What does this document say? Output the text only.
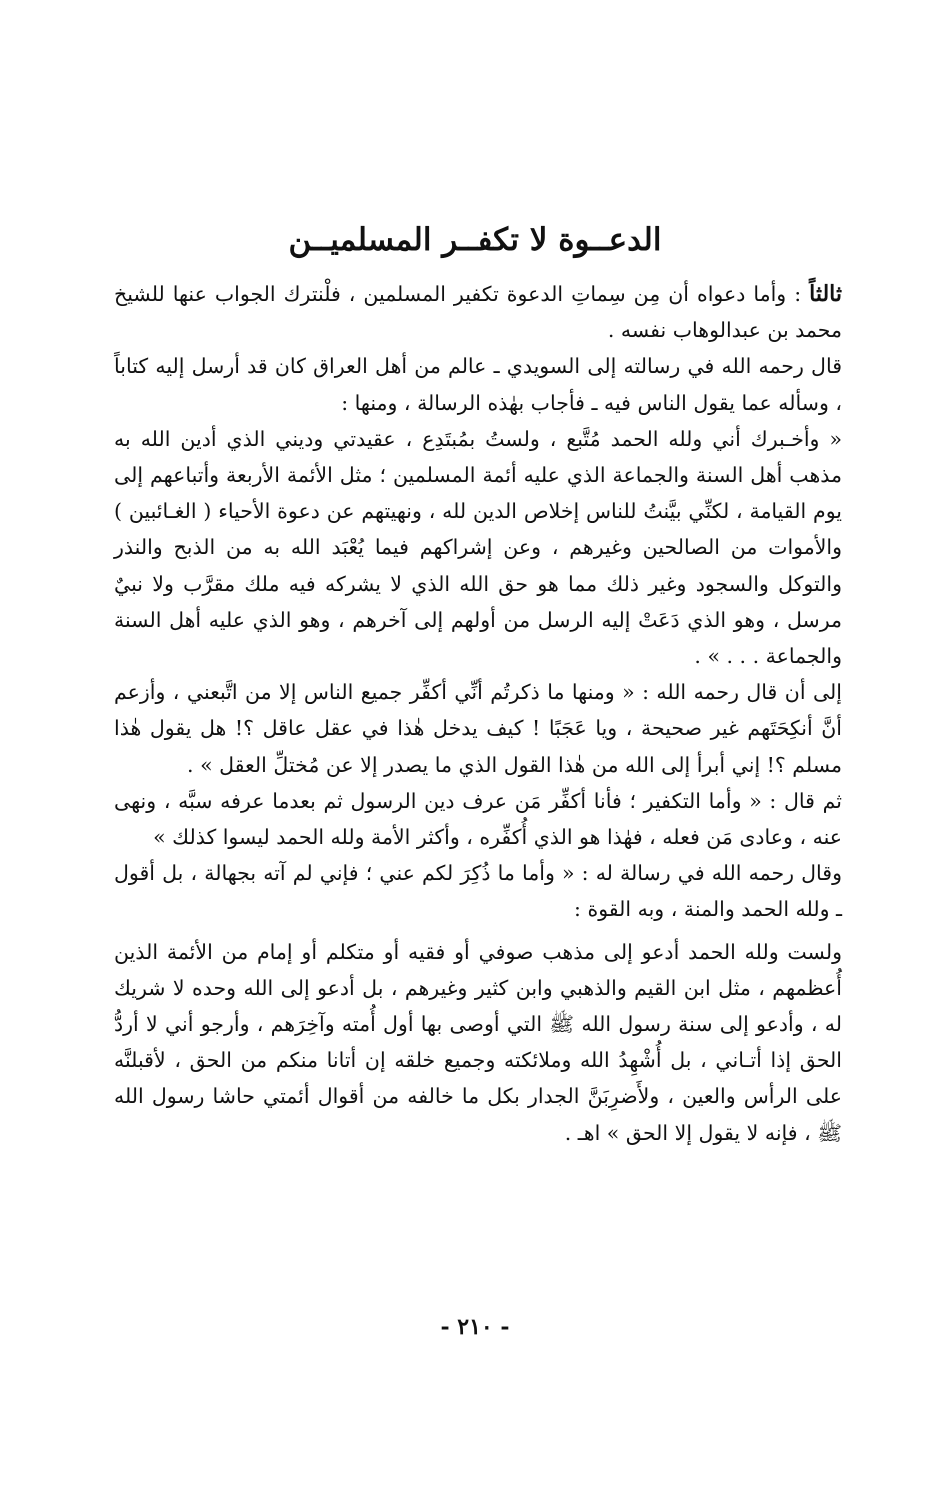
الدعــوة لا تكفــر المسلميــن

ثالثاً : وأما دعواه أن مِن سِماتِ الدعوة تكفير المسلمين ، فلْنترك الجواب عنها للشيخ محمد بن عبدالوهاب نفسه .

قال رحمه الله في رسالته إلى السويدي ـ عالم من أهل العراق كان قد أرسل إليه كتاباً ، وسأله عما يقول الناس فيه ـ فأجاب بهٰذه الرسالة ، ومنها :

« وأخـبرك أني ولله الحمد مُتَّبع ، ولستُ بمُبتَدِع ، عقيدتي وديني الذي أدين الله به مذهب أهل السنة والجماعة الذي عليه أئمة المسلمين ؛ مثل الأئمة الأربعة وأتباعهم إلى يوم القيامة ، لكنِّي بيَّنتُ للناس إخلاص الدين لله ، ونهيتهم عن دعوة الأحياء ( الغـائبين ) والأموات من الصالحين وغيرهم ، وعن إشراكهم فيما يُعْبَد الله به من الذبح والنذر والتوكل والسجود وغير ذلك مما هو حق الله الذي لا يشركه فيه ملك مقرَّب ولا نبيٌ مرسل ، وهو الذي دَعَتْ إليه الرسل من أولهم إلى آخرهم ، وهو الذي عليه أهل السنة والجماعة . . . » .

إلى أن قال رحمه الله : « ومنها ما ذكرتُم أنِّي أكفِّر جميع الناس إلا من اتَّبعني ، وأزعم أنَّ أنكِحَتَهم غير صحيحة ، ويا عَجَبًا ! كيف يدخل هٰذا في عقل عاقل ؟! هل يقول هٰذا مسلم ؟! إني أبرأ إلى الله من هٰذا القول الذي ما يصدر إلا عن مُختلِّ العقل » .

ثم قال : « وأما التكفير ؛ فأنا أكفِّر مَن عرف دين الرسول ثم بعدما عرفه سبَّه ، ونهى عنه ، وعادى مَن فعله ، فهٰذا هو الذي أُكفِّره ، وأكثر الأمة ولله الحمد ليسوا كذلك »

وقال رحمه الله في رسالة له : « وأما ما ذُكِرَ لكم عني ؛ فإني لم آته بجهالة ، بل أقول ـ ولله الحمد والمنة ، وبه القوة :

ولست ولله الحمد أدعو إلى مذهب صوفي أو فقيه أو متكلم أو إمام من الأئمة الذين أُعظمهم ، مثل ابن القيم والذهبي وابن كثير وغيرهم ، بل أدعو إلى الله وحده لا شريك له ، وأدعو إلى سنة رسول الله ﷺ التي أوصى بها أول أُمته وآخِرَهم ، وأرجو أني لا أردُّ الحق إذا أتـاني ، بل أُشْهِدُ الله وملائكته وجميع خلقه إن أتانا منكم من الحق ، لأقبلنَّه على الرأس والعين ، ولأَضرِبَنَّ الجدار بكل ما خالفه من أقوال أئمتي حاشا رسول الله ﷺ ، فإنه لا يقول إلا الحق » اهـ .

- ٢١٠ -
